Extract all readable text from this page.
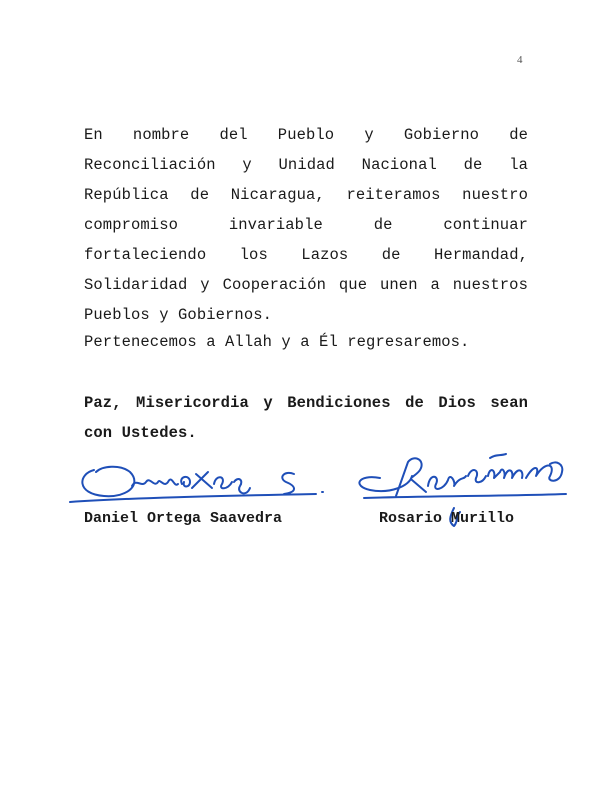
4

En nombre del Pueblo y Gobierno de Reconciliación y Unidad Nacional de la República de Nicaragua, reiteramos nuestro compromiso invariable de continuar fortaleciendo los Lazos de Hermandad, Solidaridad y Cooperación que unen a nuestros Pueblos y Gobiernos.

Pertenecemos a Allah y a Él regresaremos.

Paz, Misericordia y Bendiciones de Dios sean con Ustedes.

Daniel Ortega Saavedra	Rosario Murillo
